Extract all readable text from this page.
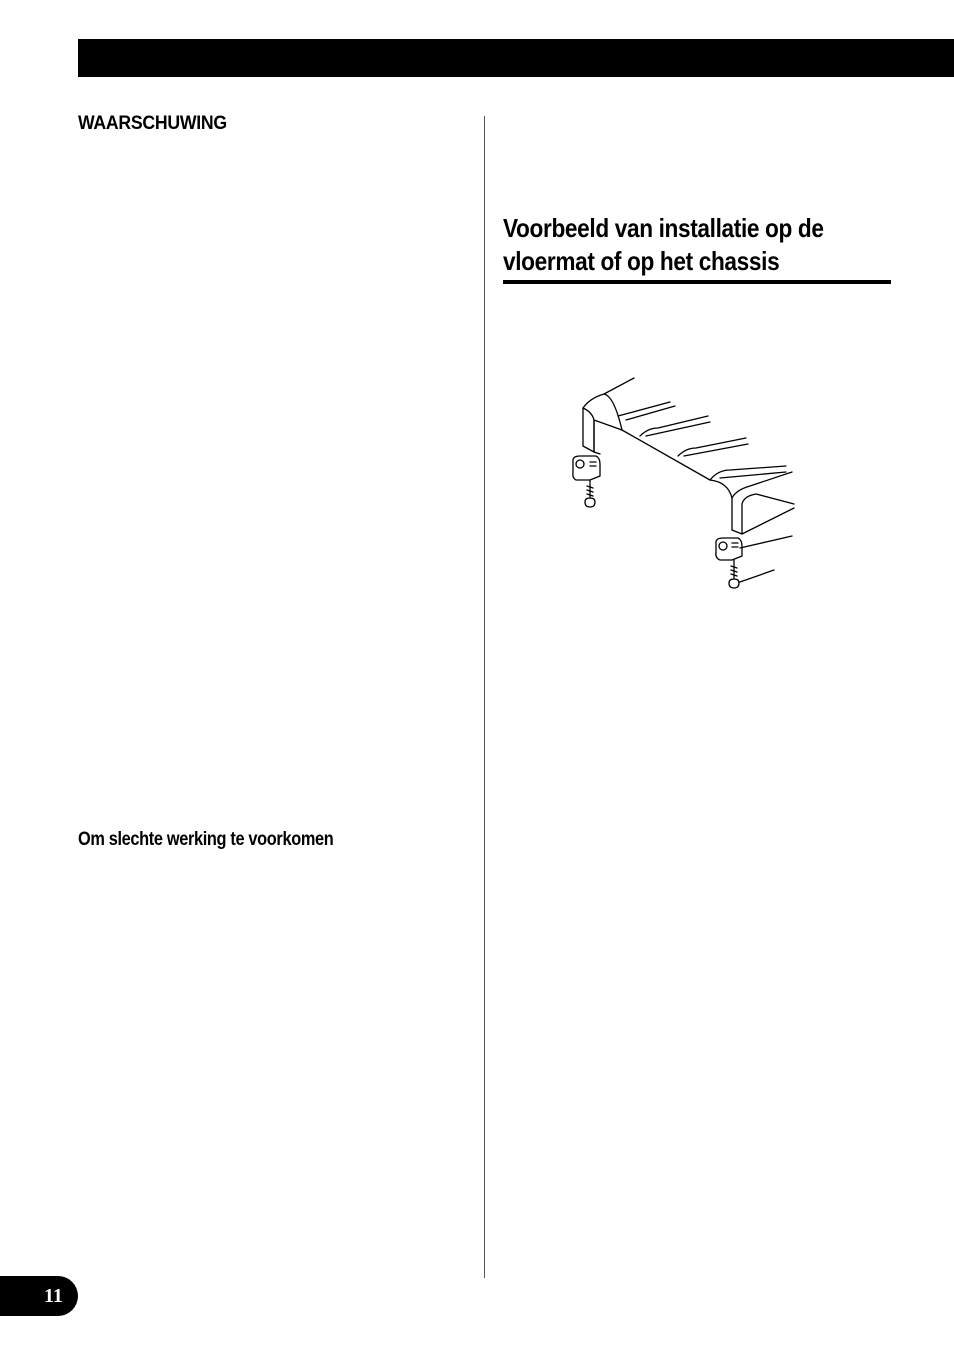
WAARSCHUWING
Om slechte werking te voorkomen
Voorbeeld van installatie op de
vloermat of op het chassis
11
